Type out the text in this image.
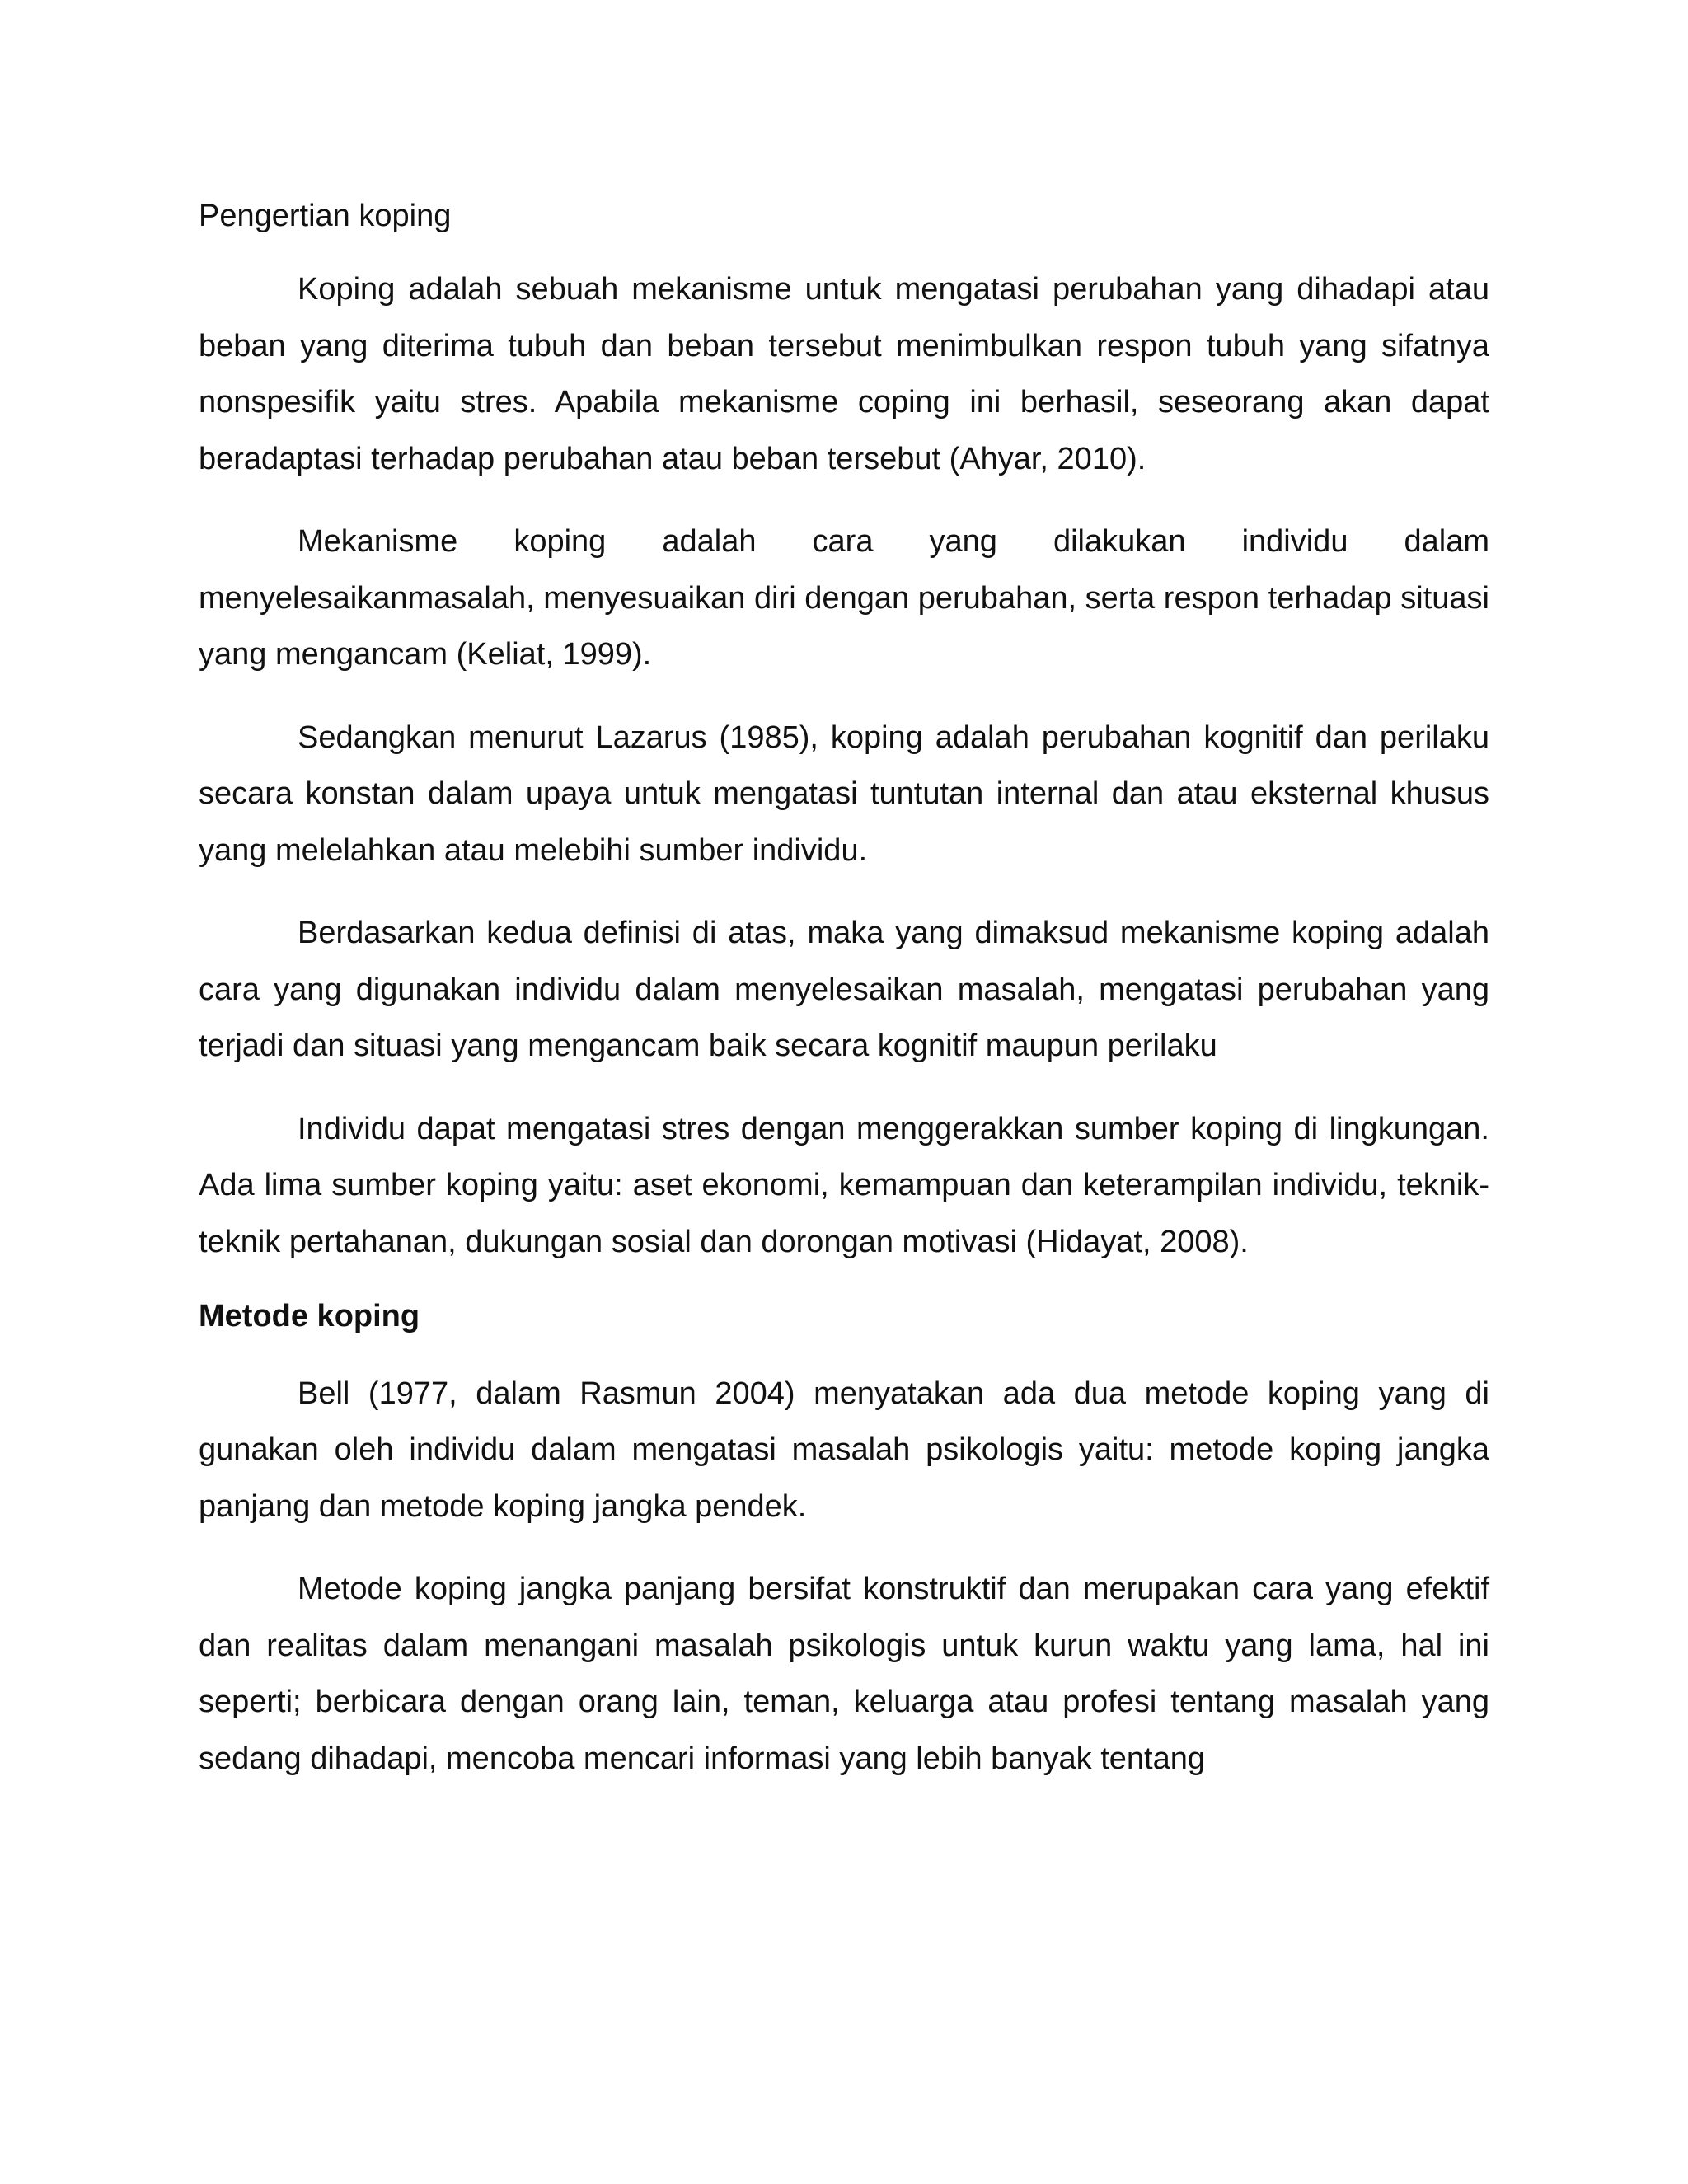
Pengertian koping

Koping adalah sebuah mekanisme untuk mengatasi perubahan yang dihadapi atau beban yang diterima tubuh dan beban tersebut menimbulkan respon tubuh yang sifatnya nonspesifik yaitu stres. Apabila mekanisme coping ini berhasil, seseorang akan dapat beradaptasi terhadap perubahan atau beban tersebut (Ahyar, 2010).

Mekanisme koping adalah cara yang dilakukan individu dalam menyelesaikanmasalah, menyesuaikan diri dengan perubahan, serta respon terhadap situasi yang mengancam (Keliat, 1999).

Sedangkan menurut Lazarus (1985), koping adalah perubahan kognitif dan perilaku secara konstan dalam upaya untuk mengatasi tuntutan internal dan atau eksternal khusus yang melelahkan atau melebihi sumber individu.

Berdasarkan kedua definisi di atas, maka yang dimaksud mekanisme koping adalah cara yang digunakan individu dalam menyelesaikan masalah, mengatasi perubahan yang terjadi dan situasi yang mengancam baik secara kognitif maupun perilaku

Individu dapat mengatasi stres dengan menggerakkan sumber koping di lingkungan. Ada lima sumber koping yaitu: aset ekonomi, kemampuan dan keterampilan individu, teknik-teknik pertahanan, dukungan sosial dan dorongan motivasi (Hidayat, 2008).

Metode koping

Bell (1977, dalam Rasmun 2004) menyatakan ada dua metode koping yang di gunakan oleh individu dalam mengatasi masalah psikologis yaitu: metode koping jangka panjang dan metode koping jangka pendek.

Metode koping jangka panjang bersifat konstruktif dan merupakan cara yang efektif dan realitas dalam menangani masalah psikologis untuk kurun waktu yang lama, hal ini seperti; berbicara dengan orang lain, teman, keluarga atau profesi tentang masalah yang sedang dihadapi, mencoba mencari informasi yang lebih banyak tentang
